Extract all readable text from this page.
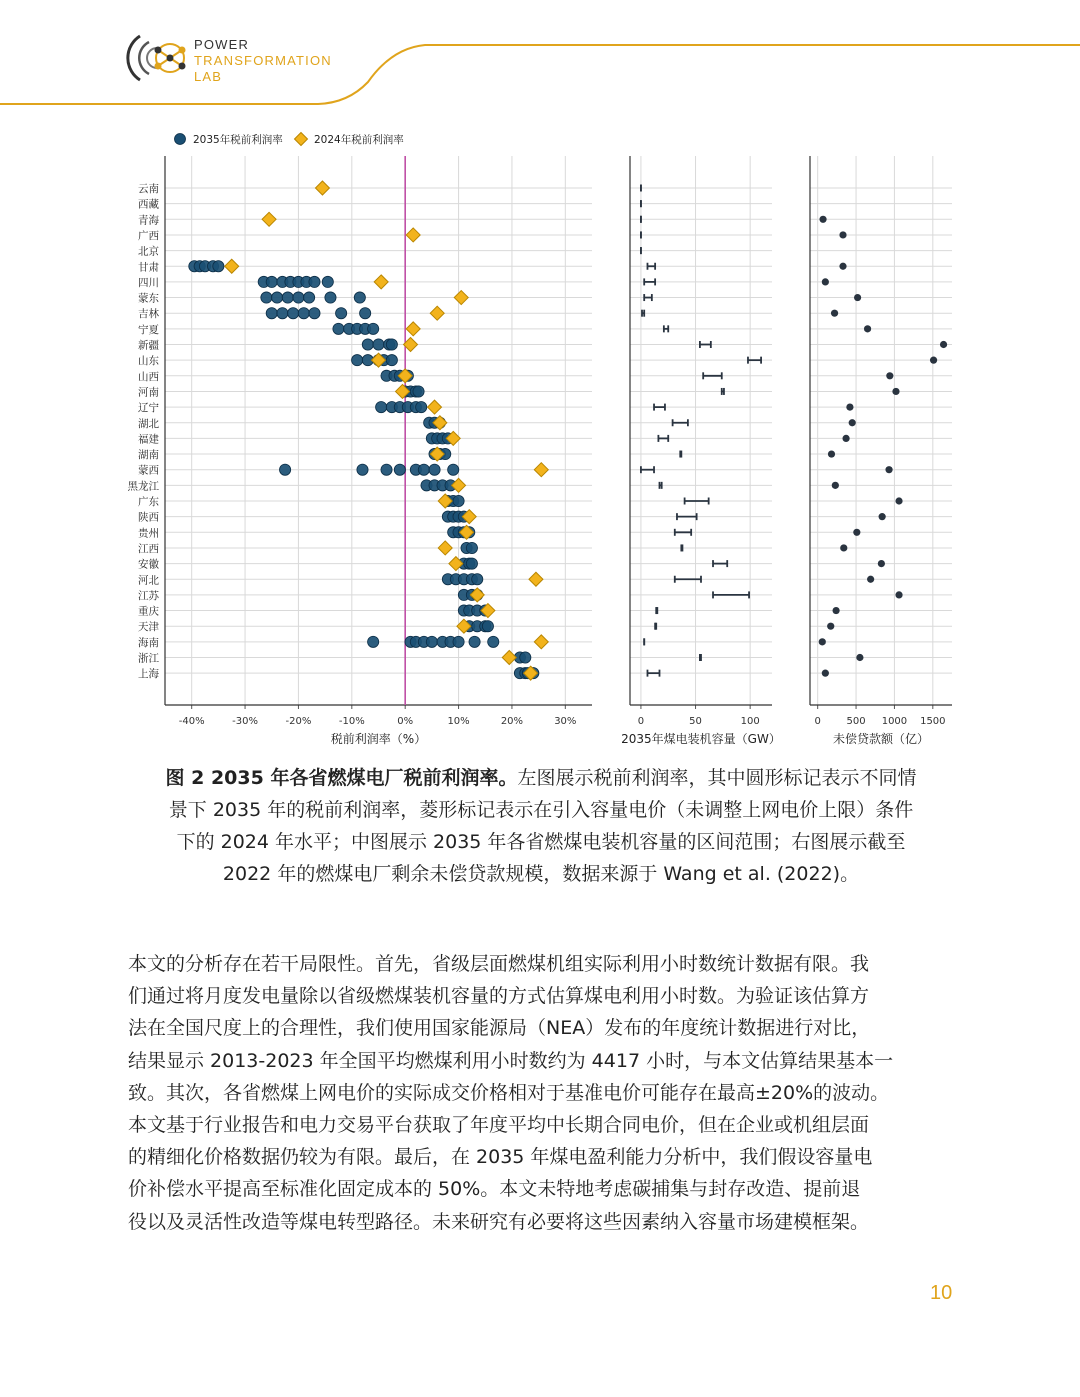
POWER
TRANSFORMATION
LAB
-40%	-30%	-20%	-10%	0%	10%	20%	30%
税前利润率（%）
0	50	100
2035年煤电装机容量（GW）
0	500 1000 1500
未偿贷款额（亿）
云南
西藏
青海
广西
北京
甘肃
四川
蒙东
吉林
宁夏
新疆
山东
山西
河南
辽宁
湖北
福建
湖南
蒙西
黑龙江
广东
陕西
贵州
江西
安徽
河北
江苏
重庆
天津
海南
浙江
上海
2035年税前利润率	2024年税前利润率
图 2 2035 年各省燃煤电厂税前利润率。左图展示税前利润率，其中圆形标记表示不同情
景下 2035 年的税前利润率，菱形标记表示在引入容量电价（未调整上网电价上限）条件
下的 2024 年水平；中图展示 2035 年各省燃煤电装机容量的区间范围；右图展示截至
2022 年的燃煤电厂剩余未偿贷款规模，数据来源于 Wang et al. (2022)。
本文的分析存在若干局限性。首先，省级层面燃煤机组实际利用小时数统计数据有限。我
们通过将月度发电量除以省级燃煤装机容量的方式估算煤电利用小时数。为验证该估算方
法在全国尺度上的合理性，我们使用国家能源局（NEA）发布的年度统计数据进行对比，
结果显示 2013-2023 年全国平均燃煤利用小时数约为 4417 小时，与本文估算结果基本一
致。其次，各省燃煤上网电价的实际成交价格相对于基准电价可能存在最高±20%的波动。
本文基于行业报告和电力交易平台获取了年度平均中长期合同电价，但在企业或机组层面
的精细化价格数据仍较为有限。最后，在 2035 年煤电盈利能力分析中，我们假设容量电
价补偿水平提高至标准化固定成本的 50%。本文未特地考虑碳捕集与封存改造、提前退
役以及灵活性改造等煤电转型路径。未来研究有必要将这些因素纳入容量市场建模框架。
10
